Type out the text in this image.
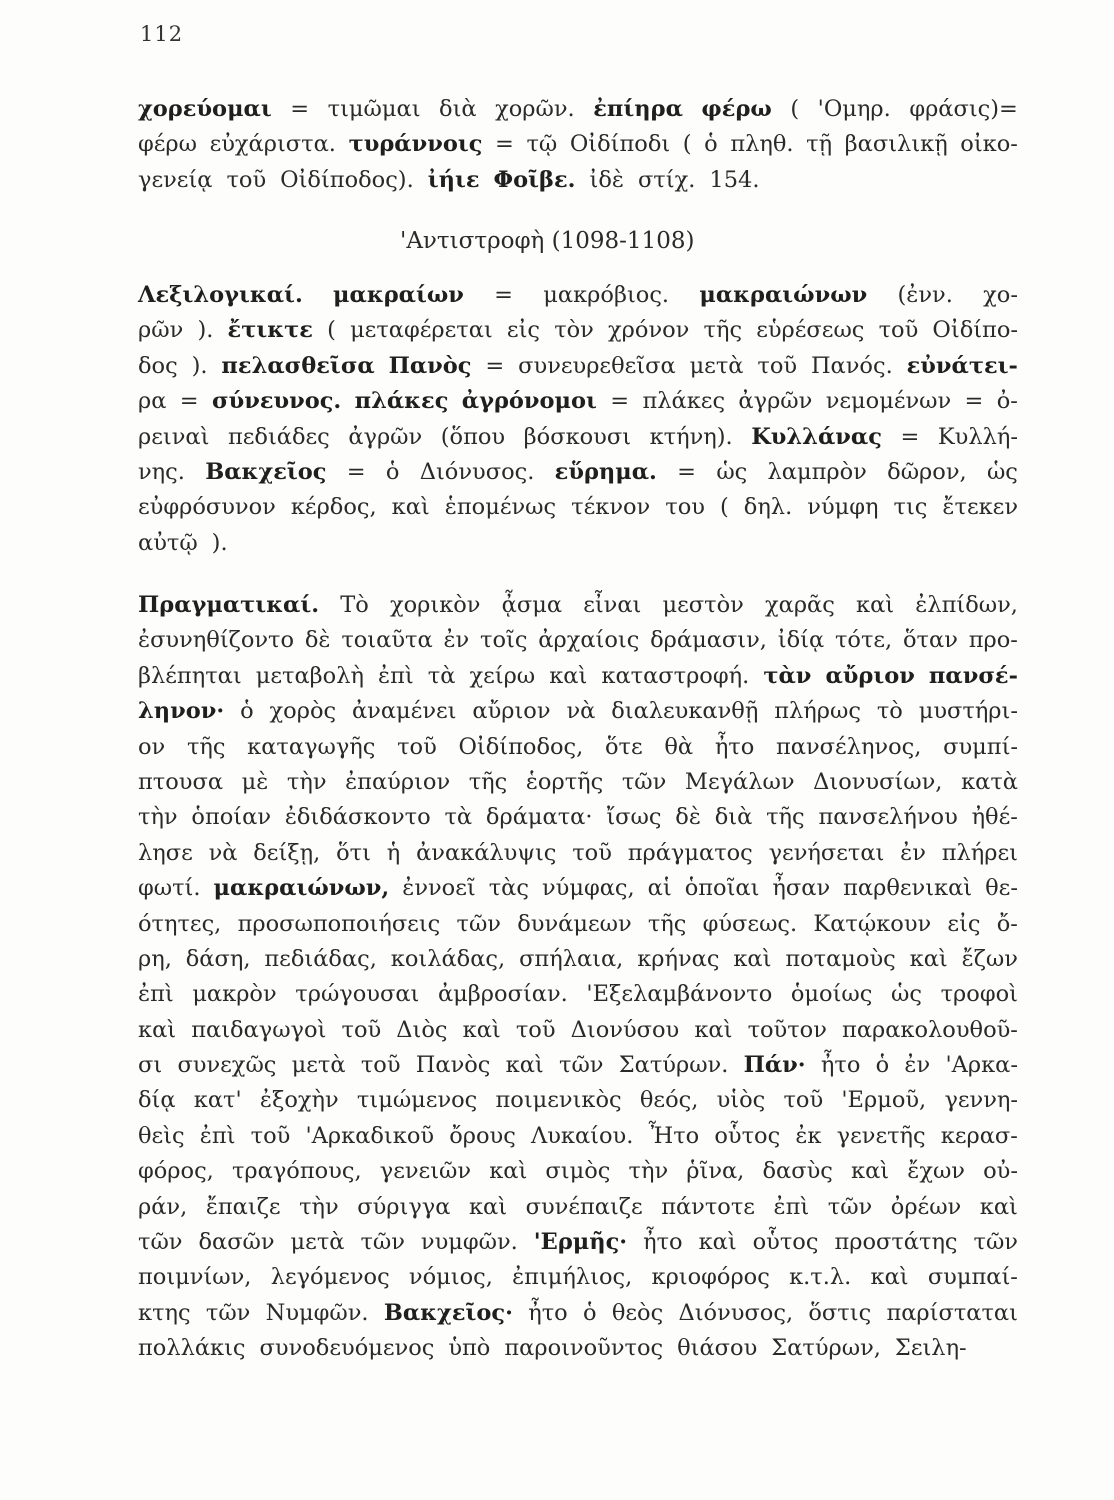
112
χορεύομαι = τιμῶμαι διὰ χορῶν. ἐπίηρα φέρω ( 'Ομηρ. φράσις)=
φέρω εὐχάριστα. τυράννοις = τῷ Οἰδίποδι ( ὁ πληθ. τῇ βασιλικῇ οἰκο-
γενείᾳ τοῦ Οἰδίποδος). ἰήιε Φοῖβε. ἰδὲ στίχ. 154.
'Αντιστροφὴ (1098-1108)
Λεξιλογικαί. μακραίων = μακρόβιος. μακραιώνων (ἐνν. χο-
ρῶν ). ἔτικτε ( μεταφέρεται εἰς τὸν χρόνον τῆς εὑρέσεως τοῦ Οἰδίπο-
δος ). πελασθεῖσα Πανὸς = συνευρεθεῖσα μετὰ τοῦ Πανός. εὐνάτει-
ρα = σύνευνος. πλάκες ἀγρόνομοι = πλάκες ἀγρῶν νεμομένων = ὀ-
ρειναὶ πεδιάδες ἀγρῶν (ὅπου βόσκουσι κτήνη). Κυλλάνας = Κυλλή-
νης. Βακχεῖος = ὁ Διόνυσος. εὕρημα. = ὡς λαμπρὸν δῶρον, ὡς
εὐφρόσυνον κέρδος, καὶ ἑπομένως τέκνον του ( δηλ. νύμφη τις ἔτεκεν
αὐτῷ ).
Πραγματικαί. Τὸ χορικὸν ᾆσμα εἶναι μεστὸν χαρᾶς καὶ ἐλπίδων,
ἐσυνηθίζοντο δὲ τοιαῦτα ἐν τοῖς ἀρχαίοις δράμασιν, ἰδίᾳ τότε, ὅταν προ-
βλέπηται μεταβολὴ ἐπὶ τὰ χείρω καὶ καταστροφή. τὰν αὔριον πανσέ-
ληνον· ὁ χορὸς ἀναμένει αὔριον νὰ διαλευκανθῇ πλήρως τὸ μυστήρι-
ον τῆς καταγωγῆς τοῦ Οἰδίποδος, ὅτε θὰ ἦτο πανσέληνος, συμπί-
πτουσα μὲ τὴν ἐπαύριον τῆς ἑορτῆς τῶν Μεγάλων Διονυσίων, κατὰ
τὴν ὁποίαν ἐδιδάσκοντο τὰ δράματα· ἴσως δὲ διὰ τῆς πανσελήνου ἠθέ-
λησε νὰ δείξῃ, ὅτι ἡ ἀνακάλυψις τοῦ πράγματος γενήσεται ἐν πλήρει
φωτί. μακραιώνων, ἐννοεῖ τὰς νύμφας, αἱ ὁποῖαι ἦσαν παρθενικαὶ θε-
ότητες, προσωποποιήσεις τῶν δυνάμεων τῆς φύσεως. Κατῴκουν εἰς ὄ-
ρη, δάση, πεδιάδας, κοιλάδας, σπήλαια, κρήνας καὶ ποταμοὺς καὶ ἔζων
ἐπὶ μακρὸν τρώγουσαι ἀμβροσίαν. 'Εξελαμβάνοντο ὁμοίως ὡς τροφοὶ
καὶ παιδαγωγοὶ τοῦ Διὸς καὶ τοῦ Διονύσου καὶ τοῦτον παρακολουθοῦ-
σι συνεχῶς μετὰ τοῦ Πανὸς καὶ τῶν Σατύρων. Πάν· ἦτο ὁ ἐν 'Αρκα-
δίᾳ κατ' ἐξοχὴν τιμώμενος ποιμενικὸς θεός, υἱὸς τοῦ 'Ερμοῦ, γεννη-
θεὶς ἐπὶ τοῦ 'Αρκαδικοῦ ὄρους Λυκαίου. Ἦτο οὗτος ἐκ γενετῆς κερασ-
φόρος, τραγόπους, γενειῶν καὶ σιμὸς τὴν ῥῖνα, δασὺς καὶ ἔχων οὐ-
ράν, ἔπαιζε τὴν σύριγγα καὶ συνέπαιζε πάντοτε ἐπὶ τῶν ὀρέων καὶ
τῶν δασῶν μετὰ τῶν νυμφῶν. 'Ερμῆς· ἦτο καὶ οὗτος προστάτης τῶν
ποιμνίων, λεγόμενος νόμιος, ἐπιμήλιος, κριοφόρος κ.τ.λ. καὶ συμπαί-
κτης τῶν Νυμφῶν. Βακχεῖος· ἦτο ὁ θεὸς Διόνυσος, ὅστις παρίσταται
πολλάκις συνοδευόμενος ὑπὸ παροινοῦντος θιάσου Σατύρων, Σειλη-
